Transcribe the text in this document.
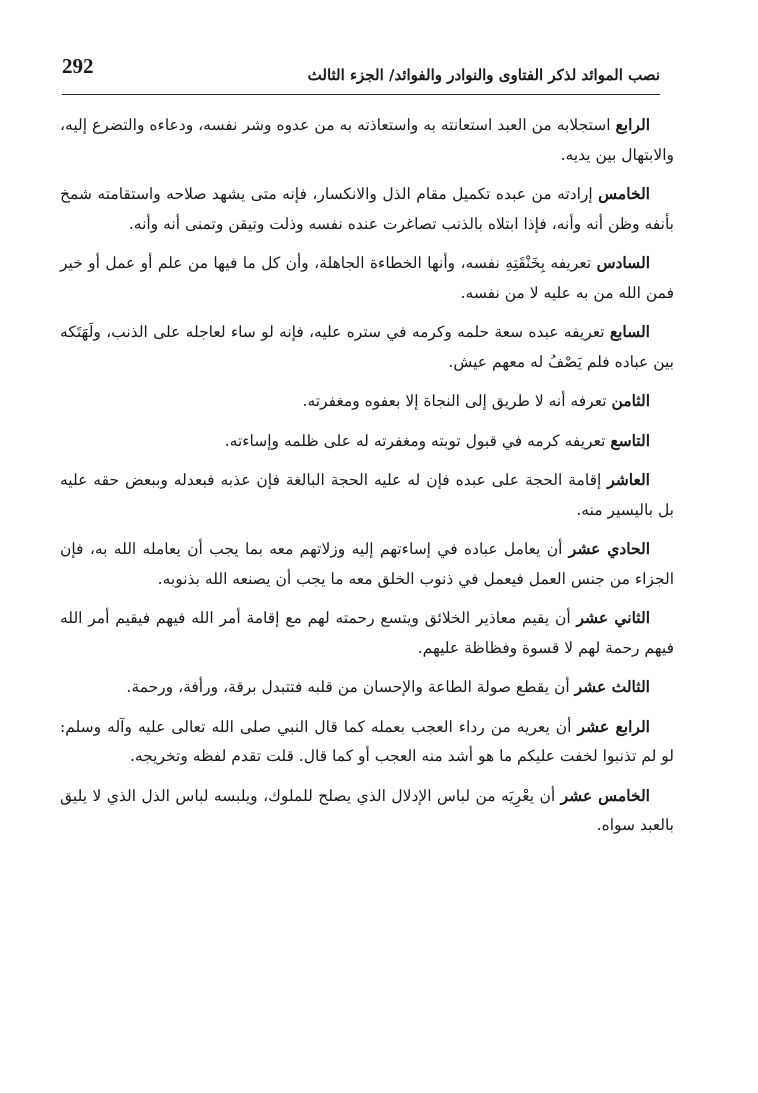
292	نصب الموائد لذكر الفتاوى والنوادر والفوائد/ الجزء الثالث

الرابع استجلابه من العبد استعانته به واستعاذته به من عدوه وشر نفسه، ودعاءه والتضرع إليه، والابتهال بين يديه.

الخامس إرادته من عبده تكميل مقام الذل والانكسار، فإنه متى يشهد صلاحه واستقامته شمخ بأنفه وظن أنه وأنه، فإذا ابتلاه بالذنب تصاغرت عنده نفسه وذلت وتيقن وتمنى أنه وأنه.

السادس تعريفه بِخَنْقَتِهِ نفسه، وأنها الخطاءة الجاهلة، وأن كل ما فيها من علم أو عمل أو خير فمن الله من به عليه لا من نفسه.

السابع تعريفه عبده سعة حلمه وكرمه في ستره عليه، فإنه لو ساء لعاجله على الذنب، ولَهَتَكه بين عباده فلم يَصْفُ له معهم عيش.

الثامن تعرفه أنه لا طريق إلى النجاة إلا بعفوه ومغفرته.

التاسع تعريفه كرمه في قبول توبته ومغفرته له على ظلمه وإساءته.

العاشر إقامة الحجة على عبده فإن له عليه الحجة البالغة فإن عذبه فبعدله وببعض حقه عليه بل باليسير منه.

الحادي عشر أن يعامل عباده في إساءتهم إليه وزلاتهم معه بما يجب أن يعامله الله به، فإن الجزاء من جنس العمل فيعمل في ذنوب الخلق معه ما يجب أن يصنعه الله بذنوبه.

الثاني عشر أن يقيم معاذير الخلائق ويتسع رحمته لهم مع إقامة أمر الله فيهم فيقيم أمر الله فيهم رحمة لهم لا قسوة وفظاظة عليهم.

الثالث عشر أن يقطع صولة الطاعة والإحسان من قلبه فتتبدل برقة، ورأفة، ورحمة.

الرابع عشر أن يعريه من رداء العجب بعمله كما قال النبي صلى الله تعالى عليه وآله وسلم: لو لم تذنبوا لخفت عليكم ما هو أشد منه العجب أو كما قال. قلت تقدم لفظه وتخريجه.

الخامس عشر أن يعْرِيَه من لباس الإدلال الذي يصلح للملوك، ويلبسه لباس الذل الذي لا يليق بالعبد سواه.
